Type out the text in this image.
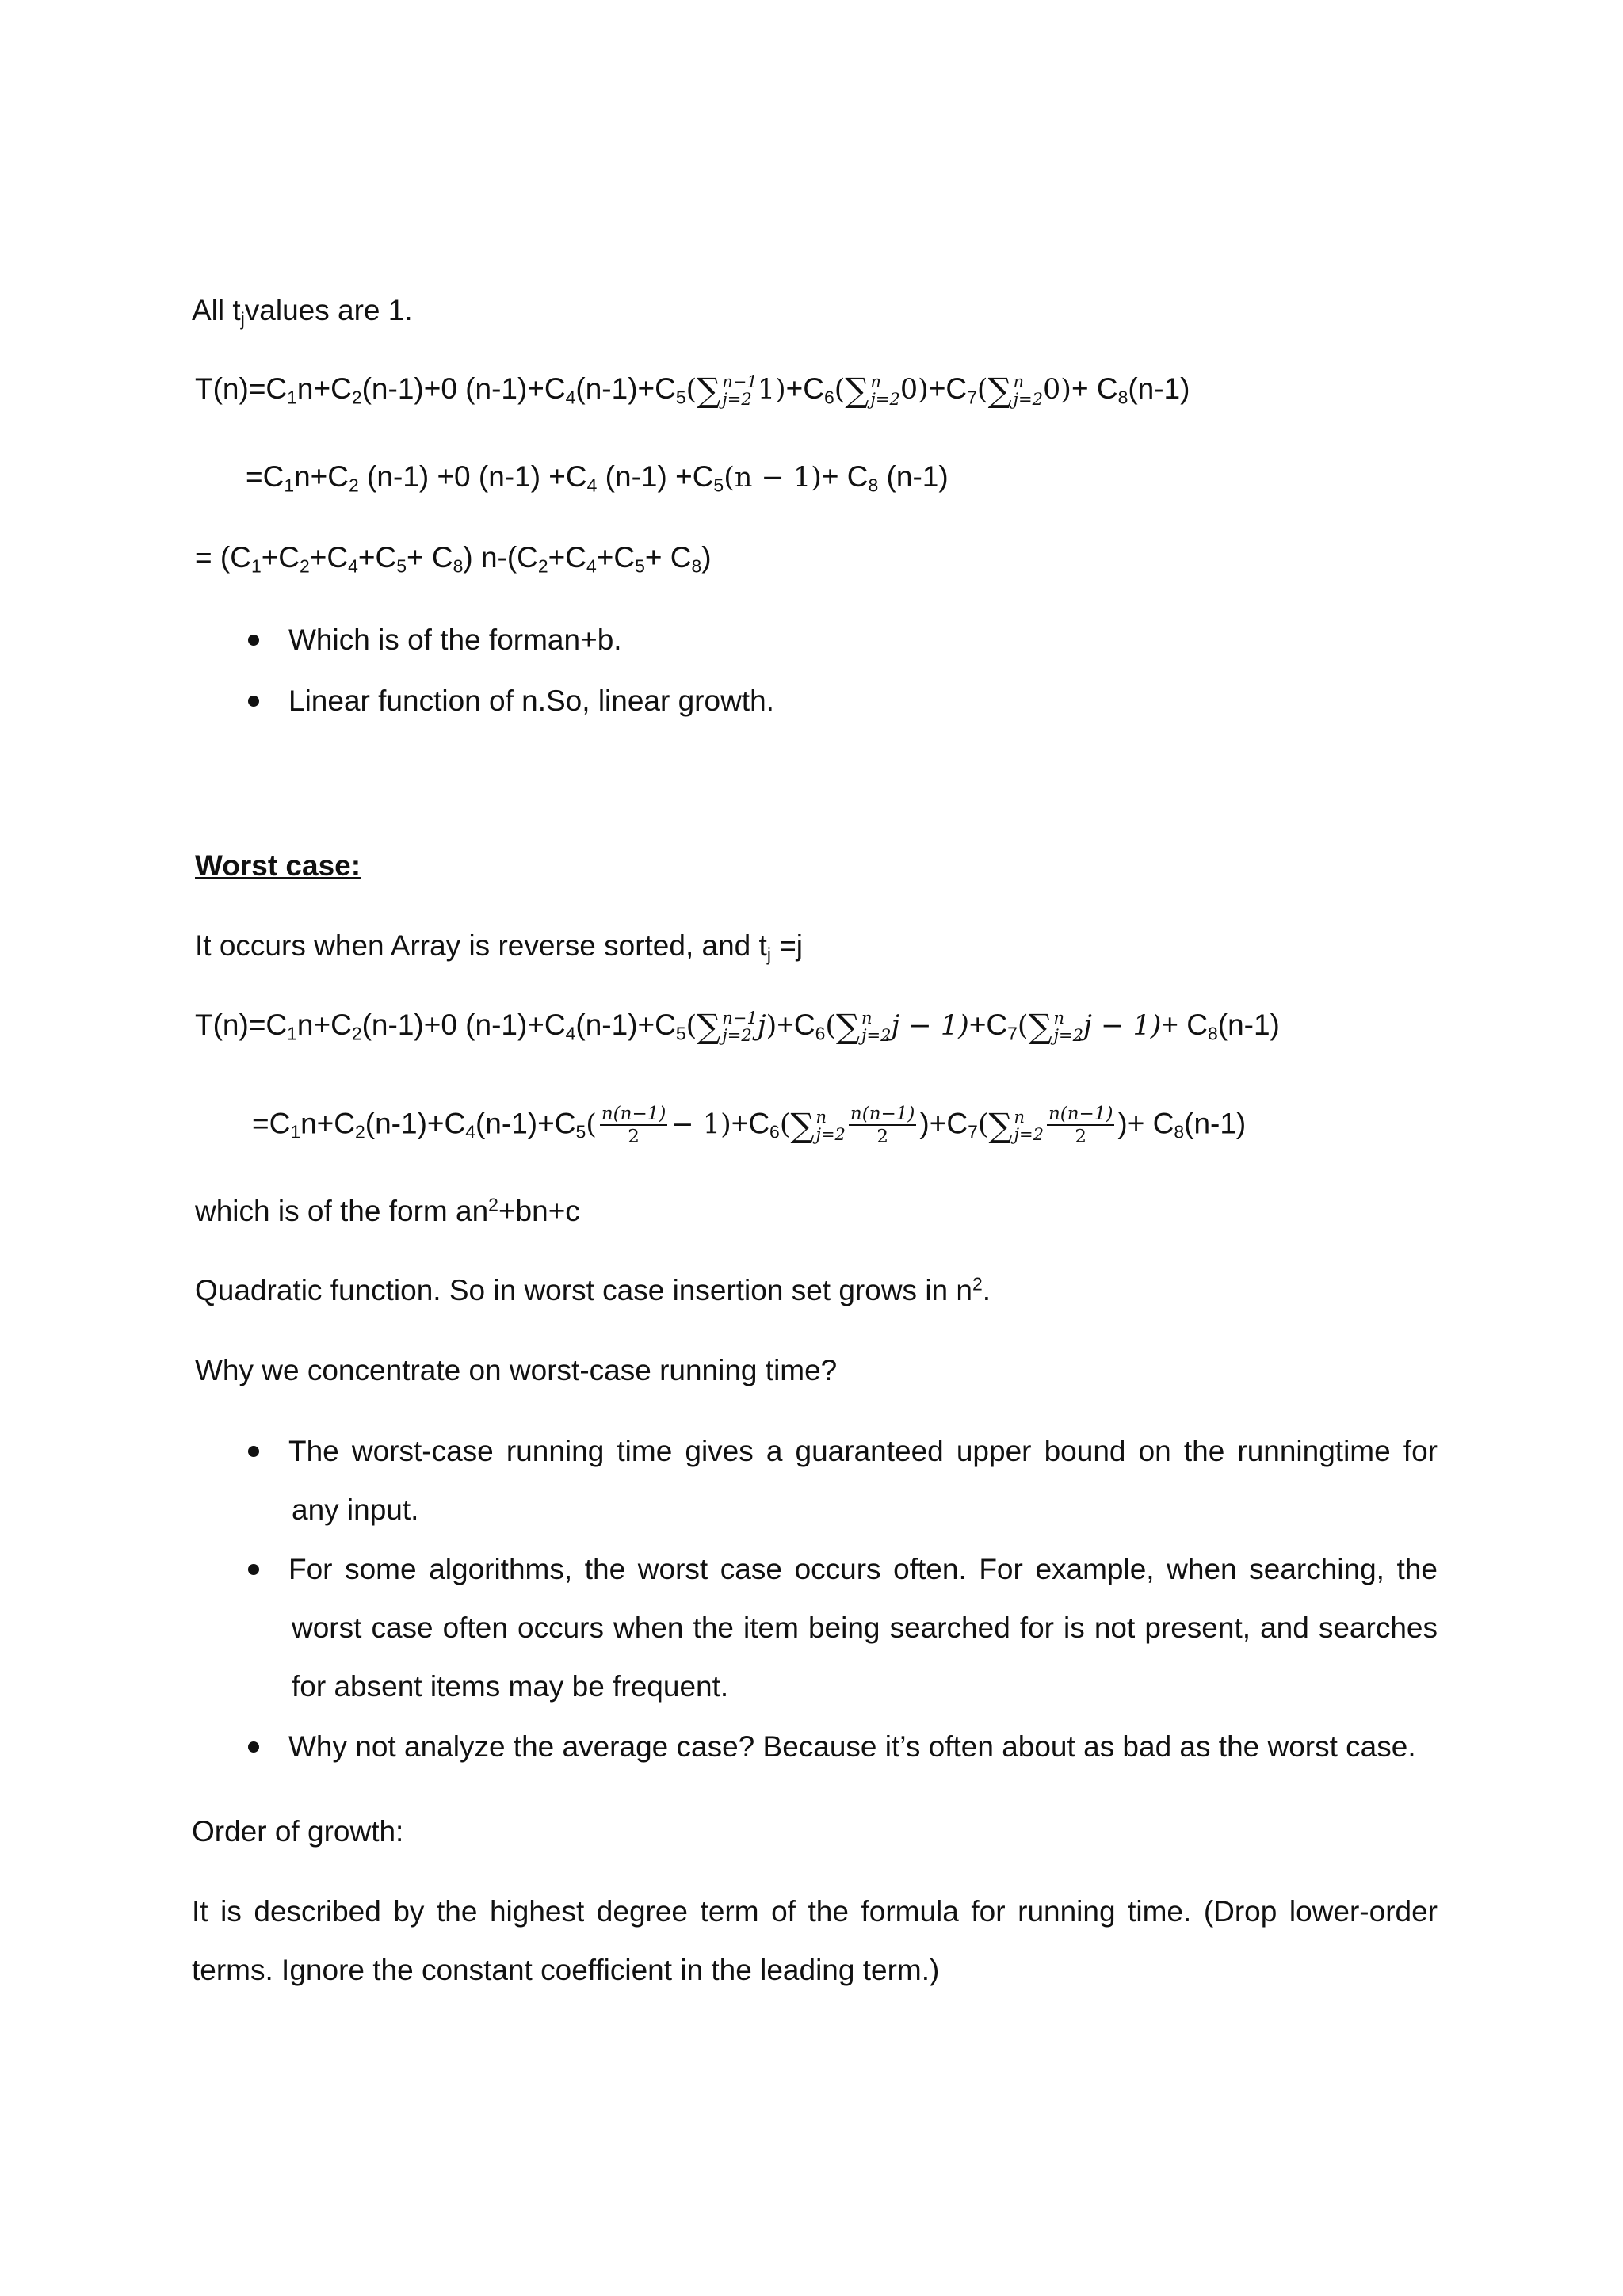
All $t_jvalues$ are 1.
$T(n)=C_1n+C_2(n-1)+0$ $(n-1)+C_4(n-1)+C_5$( ∑ n−1
j=2 $1)+C_6$( ∑ n
j=2 $0)+C_7$( ∑ n
j=2 $0)+ C_8(n-1)$
$=C_1n+C_2$ (n-1) +0 $(n-1) +C_4$ $(n-1) +C_5(n - 1)+ C_8$ (n-1)
= $(C_1+C_2+C_4+C_5+ C_8)$ $n-(C_2+C_4+C_5+ C_8)$
Which is of the forman+b.
Linear function of n.So, linear growth.
Worst case:
It occurs when Array is reverse sorted, and $t_j =j$
$T(n)=C_1n+C_2(n-1)+0$ $(n-1)+C_4(n-1)+C_5$( ∑ n−1
j=2 $j)+C_6$( ∑ n
j=2 $j - 1)+C_7$( ∑ n
j=2 $j - 1)+ C_8(n-1)$
$=C_1n+C_2(n-1)+C_4(n-1)+C_5( \frac{n(n-1)}{2} - 1)+C_6$( ∑ n
$j=2 \frac{n(n-1)}{2} )+C_7$( ∑ n
$j=2 \frac{n(n-1)}{2}$ )+ $C_8(n-1)$
which is of the form $an^2+bn+c$
Quadratic function. So in worst case insertion set grows in $n^2$.
Why we concentrate on worst-case running time?
The worst-case running time gives a guaranteed upper bound on the runningtime for
any input.
For some algorithms, the worst case occurs often. For example, when searching, the
worst case often occurs when the item being searched for is not present, and searches
for absent items may be frequent.
Why not analyze the average case? Because it’s often about as bad as the worst case.
Order of growth:
It is described by the highest degree term of the formula for running time. (Drop lower-order
terms. Ignore the constant coefficient in the leading term.)
